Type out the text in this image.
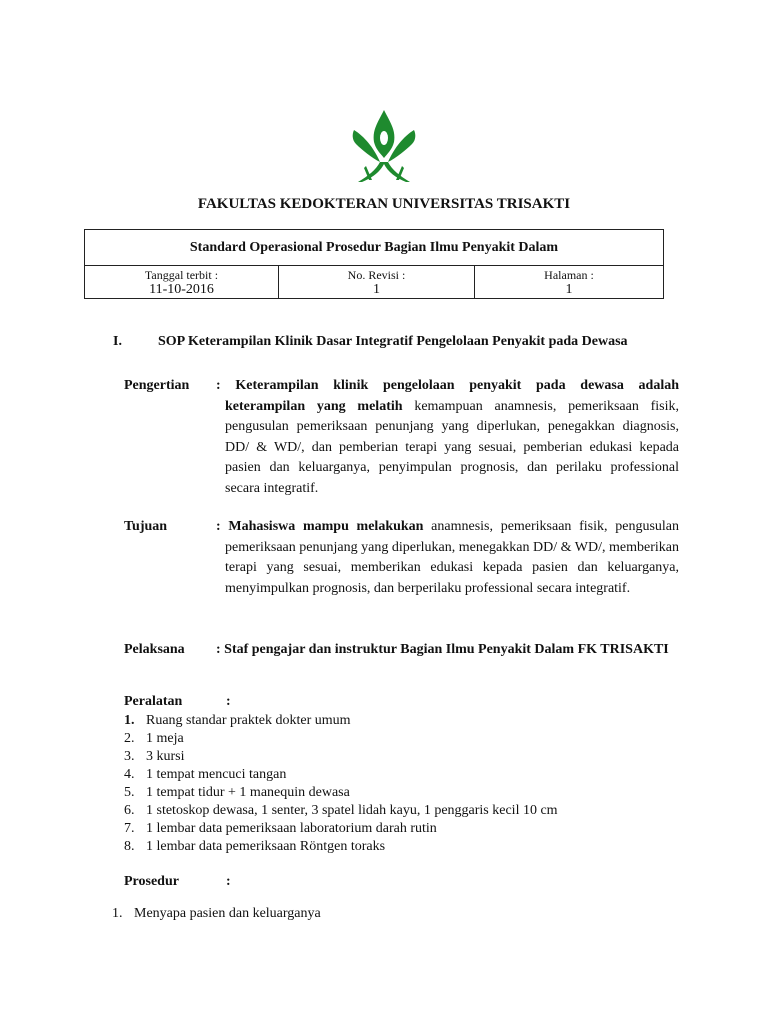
FAKULTAS KEDOKTERAN UNIVERSITAS TRISAKTI
Standard Operasional Prosedur Bagian Ilmu Penyakit Dalam

Tanggal terbit :
11-10-2016

No. Revisi :
1

Halaman :
1
I.	SOP Keterampilan Klinik Dasar Integratif Pengelolaan Penyakit pada Dewasa
Pengertian : Keterampilan klinik pengelolaan penyakit pada dewasa adalah keterampilan yang melatih kemampuan anamnesis, pemeriksaan fisik, pengusulan pemeriksaan penunjang yang diperlukan, penegakkan diagnosis, DD/ & WD/, dan pemberian terapi yang sesuai, pemberian edukasi kepada pasien dan keluarganya, penyimpulan prognosis, dan perilaku professional secara integratif.
Tujuan	: Mahasiswa mampu melakukan anamnesis, pemeriksaan fisik, pengusulan pemeriksaan penunjang yang diperlukan, menegakkan DD/ & WD/, memberikan terapi yang sesuai, memberikan edukasi kepada pasien dan keluarganya, menyimpulkan prognosis, dan berperilaku professional secara integratif.
Pelaksana : Staf pengajar dan instruktur Bagian Ilmu Penyakit Dalam FK TRISAKTI
Peralatan	:
1. Ruang standar praktek dokter umum
2. 1 meja
3. 3 kursi
4. 1 tempat mencuci tangan
5. 1 tempat tidur + 1 manequin dewasa
6. 1 stetoskop dewasa, 1 senter, 3 spatel lidah kayu, 1 penggaris kecil 10 cm
7. 1 lembar data pemeriksaan laboratorium darah rutin
8. 1 lembar data pemeriksaan Röntgen toraks
Prosedur	:
1. Menyapa pasien dan keluarganya
